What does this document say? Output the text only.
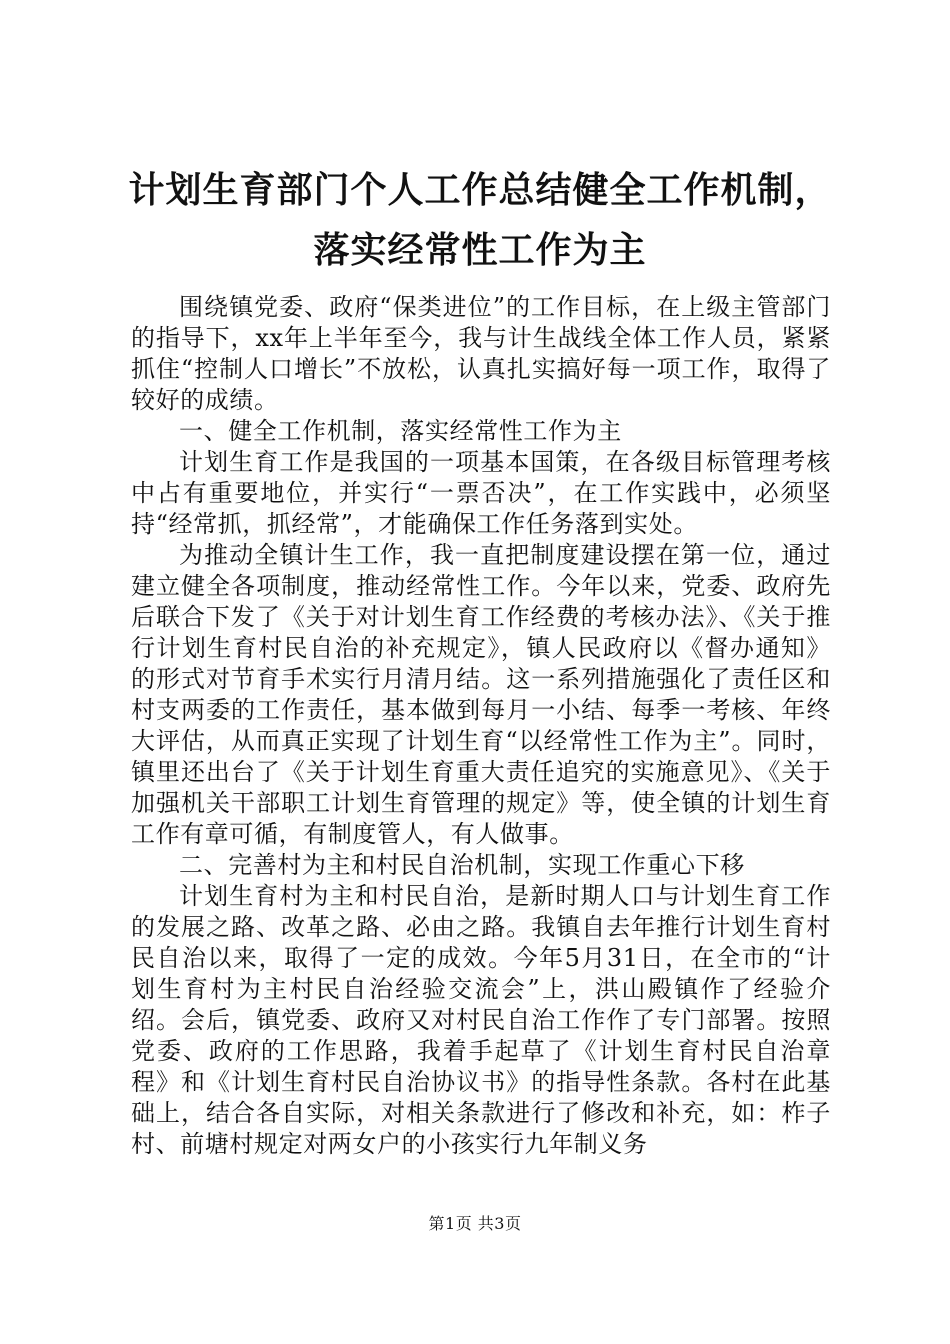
计划生育部门个人工作总结健全工作机制，落实经常性工作为主

围绕镇党委、政府“保类进位”的工作目标，在上级主管部门的指导下，xx年上半年至今，我与计生战线全体工作人员，紧紧抓住“控制人口增长”不放松，认真扎实搞好每一项工作，取得了较好的成绩。

一、健全工作机制，落实经常性工作为主

计划生育工作是我国的一项基本国策，在各级目标管理考核中占有重要地位，并实行“一票否决”，在工作实践中，必须坚持“经常抓，抓经常”，才能确保工作任务落到实处。

为推动全镇计生工作，我一直把制度建设摆在第一位，通过建立健全各项制度，推动经常性工作。今年以来，党委、政府先后联合下发了《关于对计划生育工作经费的考核办法》、《关于推行计划生育村民自治的补充规定》，镇人民政府以《督办通知》的形式对节育手术实行月清月结。这一系列措施强化了责任区和村支两委的工作责任，基本做到每月一小结、每季一考核、年终大评估，从而真正实现了计划生育“以经常性工作为主”。同时，镇里还出台了《关于计划生育重大责任追究的实施意见》、《关于加强机关干部职工计划生育管理的规定》等，使全镇的计划生育工作有章可循，有制度管人，有人做事。

二、完善村为主和村民自治机制，实现工作重心下移

计划生育村为主和村民自治，是新时期人口与计划生育工作的发展之路、改革之路、必由之路。我镇自去年推行计划生育村民自治以来，取得了一定的成效。今年5月31日，在全市的“计划生育村为主村民自治经验交流会”上，洪山殿镇作了经验介绍。会后，镇党委、政府又对村民自治工作作了专门部署。按照党委、政府的工作思路，我着手起草了《计划生育村民自治章程》和《计划生育村民自治协议书》的指导性条款。各村在此基础上，结合各自实际，对相关条款进行了修改和补充，如：柞子村、前塘村规定对两女户的小孩实行九年制义务

第1页 共3页
